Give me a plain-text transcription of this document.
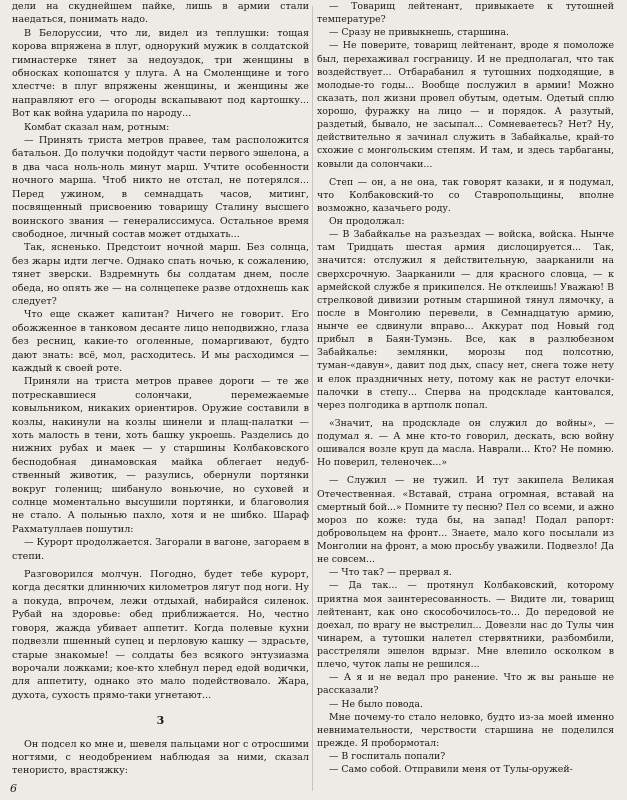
дели на скуднейшем пайке, лишь в армии стали наедаться, понимать надо.

В Белоруссии, что ли, видел из теплушки: тощая корова впряжена в плуг, однорукий мужик в солдатской гимнастерке тянет за недоуздок, три женщины в обносках копошатся у плуга. А на Смоленщине и того хлестче: в плуг впряжены женщины, и женщины же направляют его — огороды вскапывают под картошку... Вот как война ударила по народу...

Комбат сказал нам, ротным:

— Принять триста метров правее, там расположится батальон. До получки подойдут части первого эшелона, а в два часа ноль-ноль минут марш. Учтите особенности ночного марша. Чтоб никто не отстал, не потерялся... Перед ужином, в семнадцать часов, митинг, посвященный присвоению товарищу Сталину высшего воинского звания — генералиссимуса. Остальное время свободное, личный состав может отдыхать...

Так, ясненько. Предстоит ночной марш. Без солнца, без жары идти легче. Однако спать ночью, к сожалению, тянет зверски. Вздремнуть бы солдатам днем, после обеда, но опять же — на солнцепеке разве отдохнешь как следует?

Что еще скажет капитан? Ничего не говорит. Его обожженное в танковом десанте лицо неподвижно, глаза без ресниц, какие-то оголенные, помаргивают, будто дают знать: всё, мол, расходитесь. И мы расходимся — каждый к своей роте.

Приняли на триста метров правее дороги — те же потрескавшиеся солончаки, перемежаемые ковыльником, никаких ориентиров. Оружие составили в козлы, накинули на козлы шинели и плащ-палатки — хоть малость в тени, хоть башку укроешь. Разделись до нижних рубах и маек — у старшины Колбаковского бесподобная динамовская майка облегает недубственный животик, — разулись, обернули портянки вокруг голенищ; шибануло воньючие, но суховей и солнце моментально высушили портянки, и благоволия не стало. А полынью пахло, хотя и не шибко. Шараф Рахматуллаев пошутил:

— Курорт продолжается. Загорали в вагоне, загораем в степи.

Разговорился молчун. Погодно, будет тебе курорт, когда десятки длиннючих километров лягут под ноги. Ну а покуда, впрочем, лежи отдыхай, набирайся силенок. Рубай на здоровье: обед приближается. Но, честно говоря, жажда убивает аппетит. Когда полевые кухни подвезли пшенный супец и перловую кашку — здрасьте, старые знакомые! — солдаты без всякого энтузиазма ворочали ложками; кое-кто хлебнул перед едой водички, для аппетиту, однако это мало подействовало. Жара, духота, сухость прямо-таки угнетают...

3

Он подсел ко мне и, шевеля пальцами ног с отросшими ногтями, с неодобрением наблюдая за ними, сказал тенористо, врастяжку:

— Товарищ лейтенант, привыкаете к тутошней температуре?

— Сразу не привыкнешь, старшина.

— Не поверите, товарищ лейтенант, вроде я помоложе был, перехаживал госграницу. И не предполагал, что так воздействует... Отбарабанил я тутошних подходящие, в молодые-то годы... Вообще послужил в армии! Можно сказать, пол жизни провел обутым, одетым. Одетый сплю хорошо, фуражку на лицо — и порядок. А разутый, раздетый, бывало, не засыпал... Сомневаетесь? Нет? Ну, действительно я зачинал служить в Забайкалье, край-то схожие с монгольским степям. И там, и здесь тарбаганы, ковыли да солончаки...

Степ — он, а не она, так говорят казаки, и я подумал, что Колбаковский-то со Ставропольщины, вполне возможно, казачьего роду.

Он продолжал:

— В Забайкалье на разъездах — войска, войска. Нынче там Тридцать шестая армия дислоцируется... Так, значится: отслужил я действительную, заарканили на сверхсрочную. Заарканили — для красного словца, — к армейской службе я прикипелся. Не отклеишь! Уважаю! В стрелковой дивизии ротным старшиной тянул лямочку, а после в Монголию перевели, в Семнадцатую армию, нынче ее сдвинули вправо... Аккурат под Новый год прибыл в Баян-Тумэнь. Все, как в разлюбезном Забайкалье: землянки, морозы под полсотню, туман-«давун», давит под дых, спасу нет, снега тоже нету и елок праздничных нету, потому как не растут елочки-палочки в степу... Сперва на продскладе кантовался, через полгодика в артполк попал.

«Значит, на продскладе он служил до войны», — подумал я. — А мне кто-то говорил, дескать, всю войну ошивался возле круп да масла. Наврали... Кто? Не помню. Но поверил, теленочек...»

— Служил — не тужил. И тут закипела Великая Отечественная. «Вставай, страна огромная, вставай на смертный бой...» Помните ту песню? Пел со всеми, и ажно мороз по коже: туда бы, на запад! Подал рапорт: добровольцем на фронт... Знаете, мало кого посылали из Монголии на фронт, а мою просьбу уважили. Подвезло! Да не совсем...

— Что так? — прервал я.

— Да так... — протянул Колбаковский, которому приятна моя заинтересованность. — Видите ли, товарищ лейтенант, как оно скособочилось-то... До передовой не доехал, по врагу не выстрелил... Довезли нас до Тулы чин чинарем, а тутошки налетел стервятники, разбомбили, расстреляли эшелон вдрызг. Мне влепило осколком в плечо, чуток лапы не решился...

— А я и не ведал про ранение. Что ж вы раньше не рассказали?

— Не было повода.

Мне почему-то стало неловко, будто из-за моей именно невнимательности, черствости старшина не поделился прежде. Я пробормотал:

— В госпиталь попали?

— Само собой. Отправили меня от Тулы-оружей-

6
